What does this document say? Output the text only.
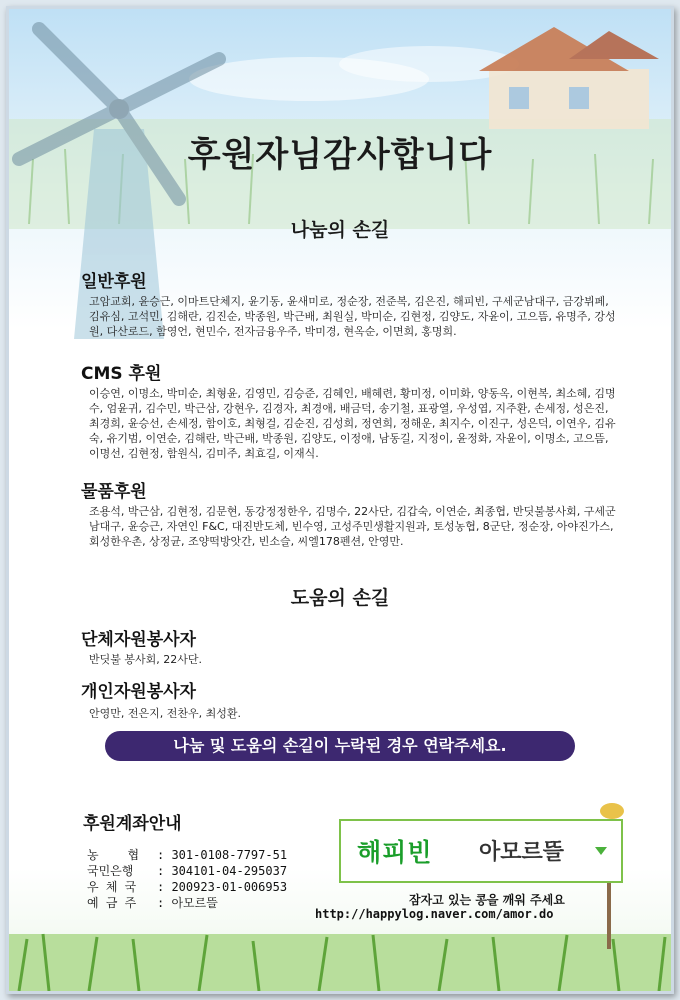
후원자님감사합니다
나눔의 손길
일반후원
고암교회, 윤승근, 이마트단체지, 윤기동, 윤새미로, 정순장, 전준복, 김은진, 해피빈, 구세군남대구, 금강뷔페, 김유심, 고석민, 김해란, 김진순, 박종원, 박근배, 최원실, 박미순, 김현정, 김양도, 자윤이, 고으뜸, 유명주, 강성원, 다산로드, 함영언, 현민수, 전자금융우주, 박미경, 현옥순, 이면희, 홍명희.
CMS 후원
이승연, 이명소, 박미순, 최형윤, 김영민, 김승준, 김혜인, 배혜련, 황미정, 이미화, 양동옥, 이현복, 최소혜, 김명수, 엄윤귀, 김수민, 박근삼, 강현우, 김경자, 최경애, 배금덕, 송기철, 표광열, 우성엽, 지주환, 손세정, 성은진, 최경희, 윤승선, 손세정, 함이호, 최형걸, 김순진, 김성희, 정연희, 정해운, 최지수, 이진구, 성은덕, 이연우, 김유숙, 유기범, 이연순, 김해란, 박근배, 박종원, 김양도, 이정애, 남동길, 지정이, 윤정화, 자윤이, 이명소, 고으뜸, 이명선, 김현정, 함원식, 김미주, 최효길, 이재식.
물품후원
조용석, 박근삼, 김현정, 김문현, 동강정정한우, 김명수, 22사단, 김갑숙, 이연순, 최종협, 반딧불봉사회, 구세군남대구, 윤승근, 자연인 F&C, 대진반도체, 빈수영, 고성주민생활지원과, 토성농협, 8군단, 정순장, 아야진가스, 회성한우촌, 상정균, 조양떡방앗간, 빈소슬, 씨엘178펜션, 안영만.
도움의 손길
단체자원봉사자
반딧불 봉사회, 22사단.
개인자원봉사자
안영만, 전은지, 전찬우, 최성환.
나눔 및 도움의 손길이 누락된 경우 연락주세요.
후원계좌안내
농    협	: 301-0108-7797-51
국민은행	: 304101-04-295037
우 체 국	: 200923-01-006953
예 금 주	: 아모르뜰
해피빈 아모르뜰
잠자고 있는 콩을 깨워 주세요
http://happylog.naver.com/amor.do
